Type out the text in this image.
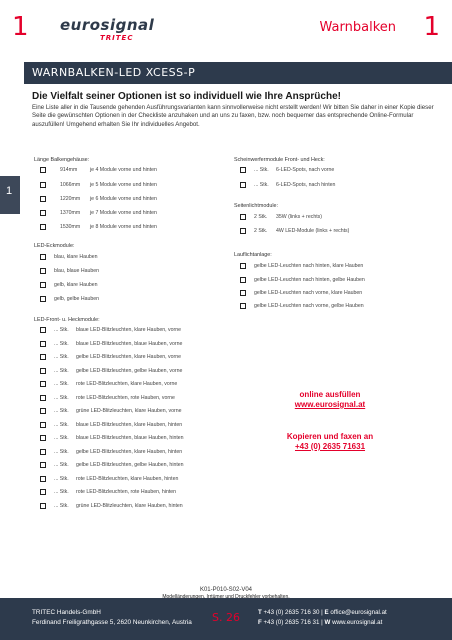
1 eurosignal
TRITEC
Warnbalken 1
WARNBALKEN-LED XCESS-P
Die Vielfalt seiner Optionen ist so individuell wie Ihre Ansprüche!
Eine Liste aller in die Tausende gehenden Ausführungsvarianten kann sinnvollerweise nicht erstellt werden! Wir bitten Sie daher in einer Kopie dieser Seite die gewünschten Optionen in der Checkliste anzuhaken und an uns zu faxen, bzw. noch bequemer das entsprechende Online-Formular auszufüllen! Umgehend erhalten Sie Ihr individuelles Angebot.
1
Länge Balkengehäuse:
914mm je 4 Module vorne und hinten
1066mm je 5 Module vorne und hinten
1220mm je 6 Module vorne und hinten
1370mm je 7 Module vorne und hinten
1530mm je 8 Module vorne und hinten
LED-Eckmodule:
blau, klare Hauben
blau, blaue Hauben
gelb, klare Hauben
gelb, gelbe Hauben
LED-Front- u. Heckmodule:
... Stk. blaue LED-Blitzleuchten, klare Hauben, vorne
... Stk. blaue LED-Blitzleuchten, blaue Hauben, vorne
... Stk. gelbe LED-Blitzleuchten, klare Hauben, vorne
... Stk. gelbe LED-Blitzleuchten, gelbe Hauben, vorne
... Stk. rote LED-Blitzleuchten, klare Hauben, vorne
... Stk. rote LED-Blitzleuchten, rote Hauben, vorne
... Stk. grüne LED-Blitzleuchten, klare Hauben, vorne
... Stk. blaue LED-Blitzleuchten, klare Hauben, hinten
... Stk. blaue LED-Blitzleuchten, blaue Hauben, hinten
... Stk. gelbe LED-Blitzleuchten, klare Hauben, hinten
... Stk. gelbe LED-Blitzleuchten, gelbe Hauben, hinten
... Stk. rote LED-Blitzleuchten, klare Hauben, hinten
... Stk. rote LED-Blitzleuchten, rote Hauben, hinten
... Stk. grüne LED-Blitzleuchten, klare Hauben, hinten
Scheinwerfermodule Front- und Heck:
... Stk. 6-LED-Spots, nach vorne
... Stk. 6-LED-Spots, nach hinten
Seitenlichtmodule:
2 Stk. 35W (links + rechts)
2 Stk. 4W LED-Module (links + rechts)
Lauflichtanlage:
gelbe LED-Leuchten nach hinten, klare Hauben
gelbe LED-Leuchten nach hinten, gelbe Hauben
gelbe LED-Leuchten nach vorne, klare Hauben
gelbe LED-Leuchten nach vorne, gelbe Hauben
online ausfüllen
www.eurosignal.at
Kopieren und faxen an
+43 (0) 2635 71631
K01-P010-S02-V04
Modelländerungen, Irrtümer und Druckfehler vorbehalten.
TRITEC Handels-GmbH
Ferdinand Freiligrathgasse 5, 2620 Neunkirchen, Austria S. 26	T +43 (0) 2635 716 30 | E office@eurosignal.at
F +43 (0) 2635 716 31 | W www.eurosignal.at
